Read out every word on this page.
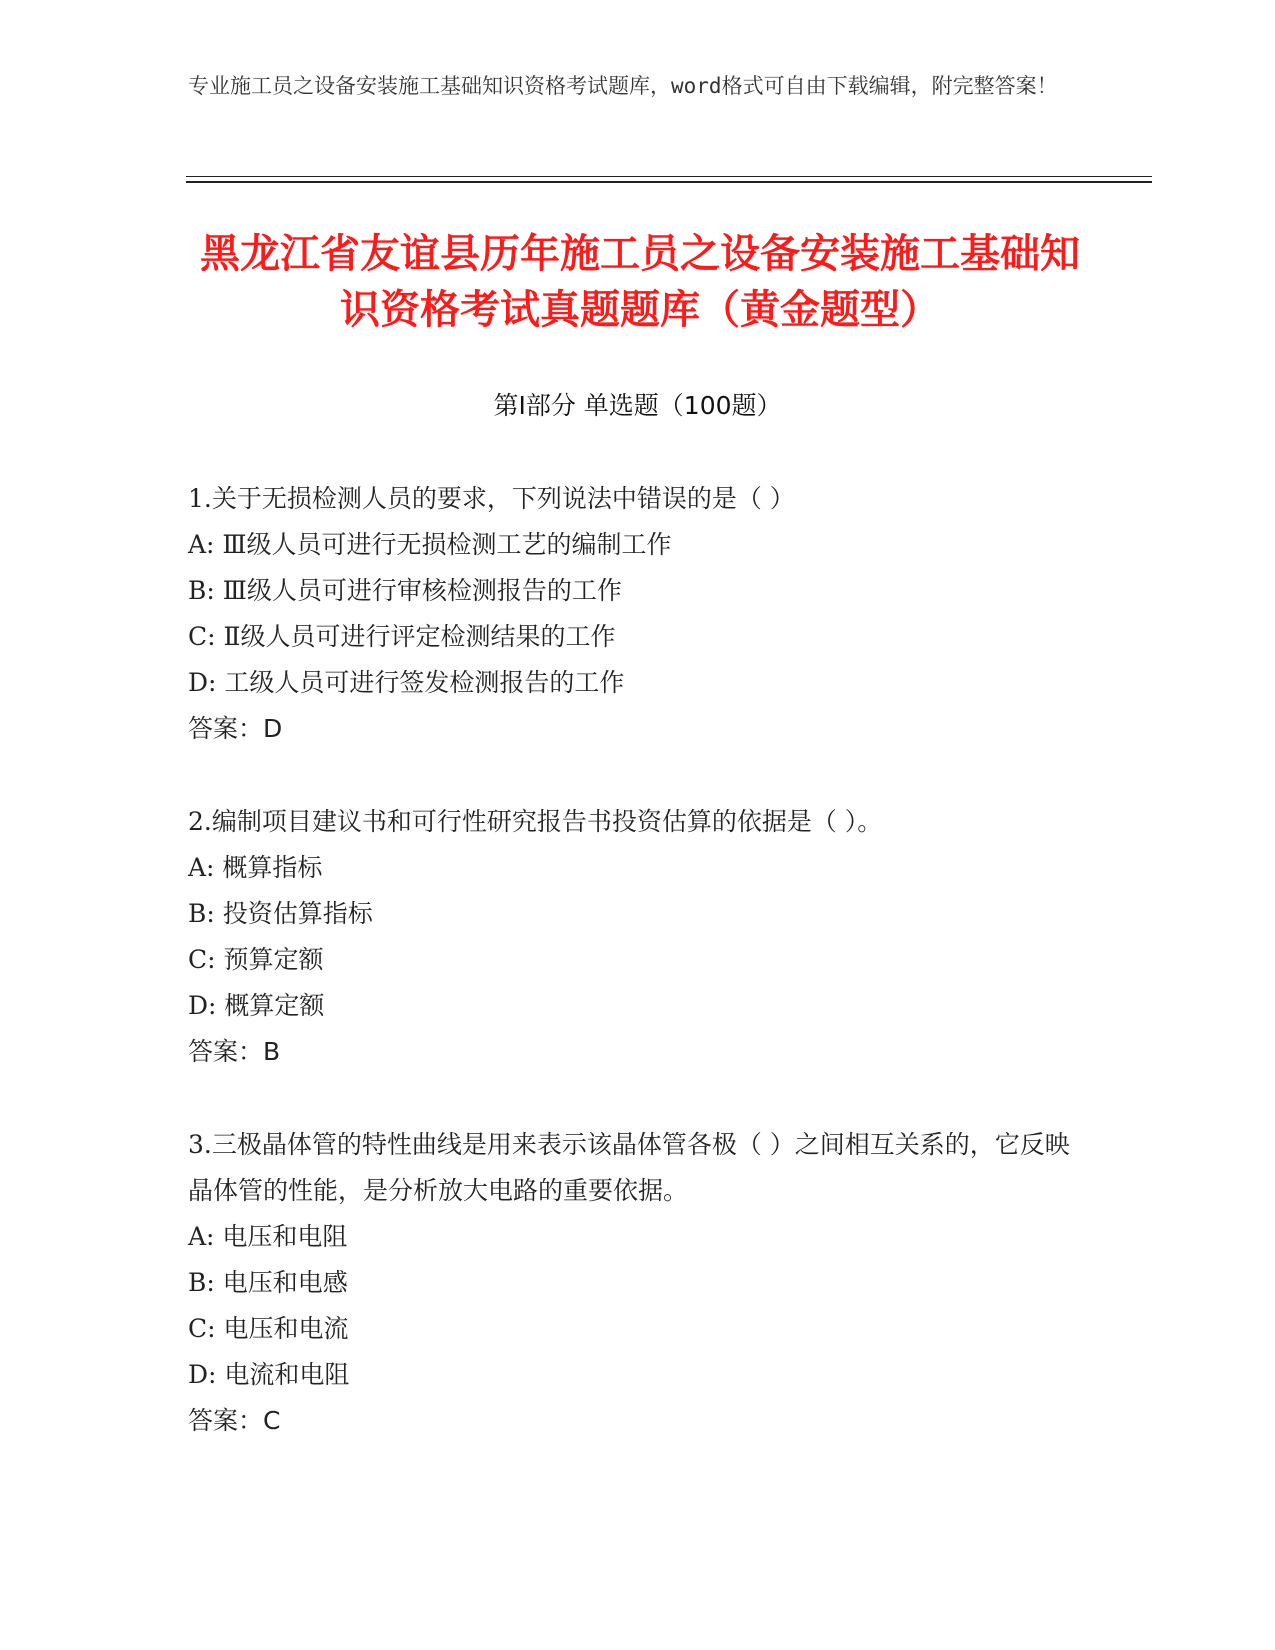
专业施工员之设备安装施工基础知识资格考试题库，word格式可自由下载编辑，附完整答案！
黑龙江省友谊县历年施工员之设备安装施工基础知识资格考试真题题库（黄金题型）
第Ⅰ部分 单选题（100题）
1.关于无损检测人员的要求，下列说法中错误的是（ ）
A: Ⅲ级人员可进行无损检测工艺的编制工作
B: Ⅲ级人员可进行审核检测报告的工作
C: Ⅱ级人员可进行评定检测结果的工作
D: 工级人员可进行签发检测报告的工作
答案：D
2.编制项目建议书和可行性研究报告书投资估算的依据是（ ）。
A: 概算指标
B: 投资估算指标
C: 预算定额
D: 概算定额
答案：B
3.三极晶体管的特性曲线是用来表示该晶体管各极（ ）之间相互关系的，它反映晶体管的性能，是分析放大电路的重要依据。
A: 电压和电阻
B: 电压和电感
C: 电压和电流
D: 电流和电阻
答案：C
